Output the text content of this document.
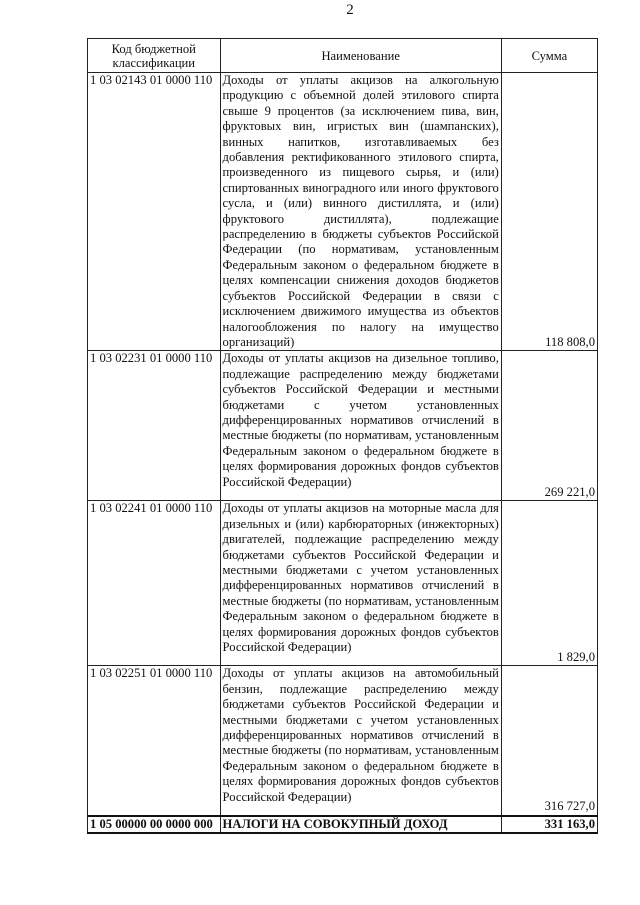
2
Код бюджетной классификации	Наименование	Сумма
1 03 02143 01 0000 110	Доходы от уплаты акцизов на алкогольную продукцию с объемной долей этилового спирта свыше 9 процентов (за исключением пива, вин, фруктовых вин, игристых вин (шампанских), винных напитков, изготавливаемых без добавления ректификованного этилового спирта, произведенного из пищевого сырья, и (или) спиртованных виноградного или иного фруктового сусла, и (или) винного дистиллята, и (или) фруктового дистиллята), подлежащие распределению в бюджеты субъектов Российской Федерации (по нормативам, установленным Федеральным законом о федеральном бюджете в целях компенсации снижения доходов бюджетов субъектов Российской Федерации в связи с исключением движимого имущества из объектов налогообложения по налогу на имущество организаций)	118 808,0
1 03 02231 01 0000 110	Доходы от уплаты акцизов на дизельное топливо, подлежащие распределению между бюджетами субъектов Российской Федерации и местными бюджетами с учетом установленных дифференцированных нормативов отчислений в местные бюджеты (по нормативам, установленным Федеральным законом о федеральном бюджете в целях формирования дорожных фондов субъектов Российской Федерации)	269 221,0
1 03 02241 01 0000 110	Доходы от уплаты акцизов на моторные масла для дизельных и (или) карбюраторных (инжекторных) двигателей, подлежащие распределению между бюджетами субъектов Российской Федерации и местными бюджетами с учетом установленных дифференцированных нормативов отчислений в местные бюджеты (по нормативам, установленным Федеральным законом о федеральном бюджете в целях формирования дорожных фондов субъектов Российской Федерации)	1 829,0
1 03 02251 01 0000 110	Доходы от уплаты акцизов на автомобильный бензин, подлежащие распределению между бюджетами субъектов Российской Федерации и местными бюджетами с учетом установленных дифференцированных нормативов отчислений в местные бюджеты (по нормативам, установленным Федеральным законом о федеральном бюджете в целях формирования дорожных фондов субъектов Российской Федерации)	316 727,0
1 05 00000 00 0000 000	НАЛОГИ НА СОВОКУПНЫЙ ДОХОД	331 163,0
